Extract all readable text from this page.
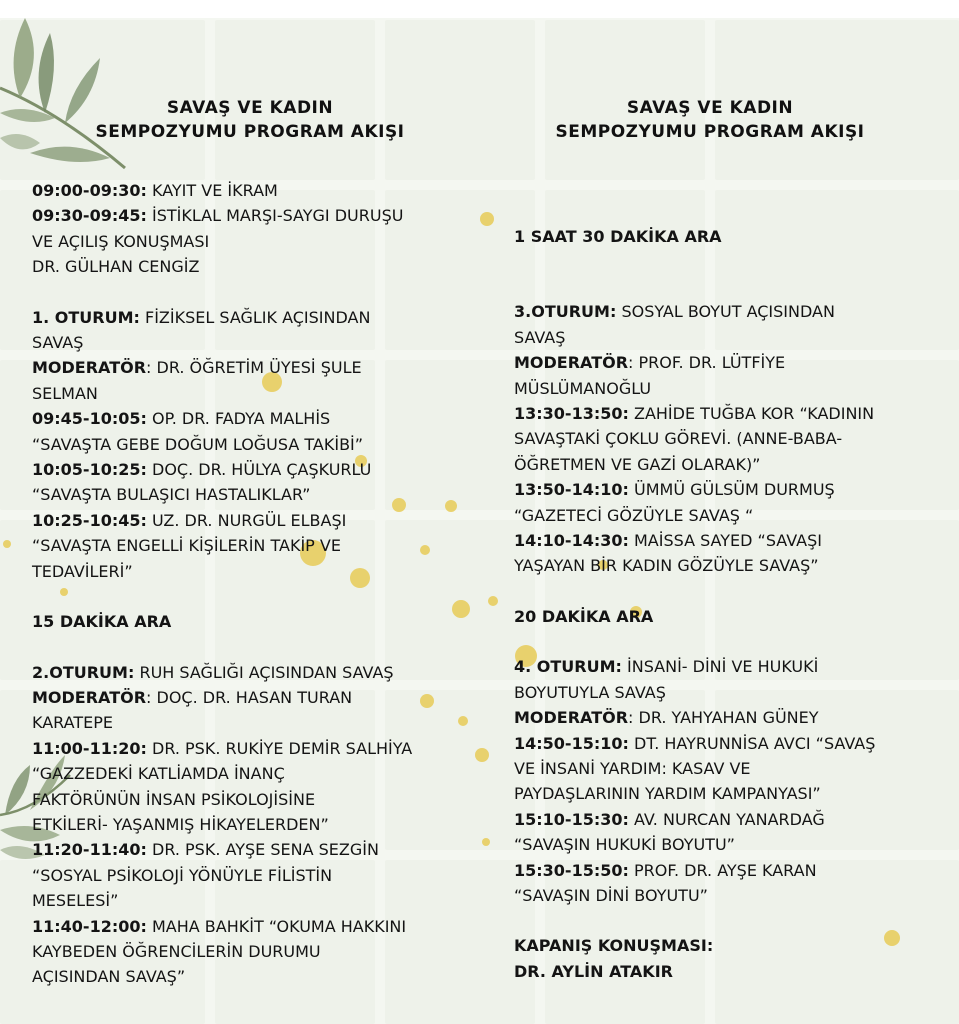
SAVAŞ VE KADIN
SEMPOZYUMU PROGRAM AKIŞI
09:00-09:30: KAYIT VE İKRAM
09:30-09:45: İSTİKLAL MARŞI-SAYGI DURUŞU
VE AÇILIŞ KONUŞMASI
DR. GÜLHAN CENGİZ
1. OTURUM: FİZİKSEL SAĞLIK AÇISINDAN
SAVAŞ
MODERATÖR: DR. ÖĞRETİM ÜYESİ ŞULE
SELMAN
09:45-10:05: OP. DR. FADYA MALHİS
“SAVAŞTA GEBE DOĞUM LOĞUSA TAKİBİ”
10:05-10:25: DOÇ. DR. HÜLYA ÇAŞKURLU
“SAVAŞTA BULAŞICI HASTALIKLAR”
10:25-10:45: UZ. DR. NURGÜL ELBAŞI
“SAVAŞTA ENGELLİ KİŞİLERİN TAKİP VE
TEDAVİLERİ”
15 DAKİKA ARA
2.OTURUM: RUH SAĞLIĞI AÇISINDAN SAVAŞ
MODERATÖR: DOÇ. DR. HASAN TURAN
KARATEPE
11:00-11:20: DR. PSK. RUKİYE DEMİR SALHİYA
“GAZZEDEKİ KATLİAMDA İNANÇ
FAKTÖRÜNÜN İNSAN PSİKOLOJİSİNE
ETKİLERİ- YAŞANMIŞ HİKAYELERDEN”
11:20-11:40: DR. PSK. AYŞE SENA SEZGİN
“SOSYAL PSİKOLOJİ YÖNÜYLE FİLİSTİN
MESELESİ”
11:40-12:00: MAHA BAHKİT “OKUMA HAKKINI
KAYBEDEN ÖĞRENCİLERİN DURUMU
AÇISINDAN SAVAŞ”
SAVAŞ VE KADIN
SEMPOZYUMU PROGRAM AKIŞI
1 SAAT 30 DAKİKA ARA
3.OTURUM: SOSYAL BOYUT AÇISINDAN
SAVAŞ
MODERATÖR: PROF. DR. LÜTFİYE
MÜSLÜMANOĞLU
13:30-13:50: ZAHİDE TUĞBA KOR “KADININ
SAVAŞTAKİ ÇOKLU GÖREVİ. (ANNE-BABA-
ÖĞRETMEN VE GAZİ OLARAK)”
13:50-14:10: ÜMMÜ GÜLSÜM DURMUŞ
“GAZETECİ GÖZÜYLE SAVAŞ “
14:10-14:30: MAİSSA SAYED “SAVAŞI
YAŞAYAN BİR KADIN GÖZÜYLE SAVAŞ”
20 DAKİKA ARA
4. OTURUM: İNSANİ- DİNİ VE HUKUKİ
BOYUTUYLA SAVAŞ
MODERATÖR: DR. YAHYAHAN GÜNEY
14:50-15:10: DT. HAYRUNNİSA AVCI “SAVAŞ
VE İNSANİ YARDIM: KASAV VE
PAYDAŞLARININ YARDIM KAMPANYASI”
15:10-15:30: AV. NURCAN YANARDAĞ
“SAVAŞIN HUKUKİ BOYUTU”
15:30-15:50: PROF. DR. AYŞE KARAN
“SAVAŞIN DİNİ BOYUTU”
KAPANIŞ KONUŞMASI:
DR. AYLİN ATAKIR
